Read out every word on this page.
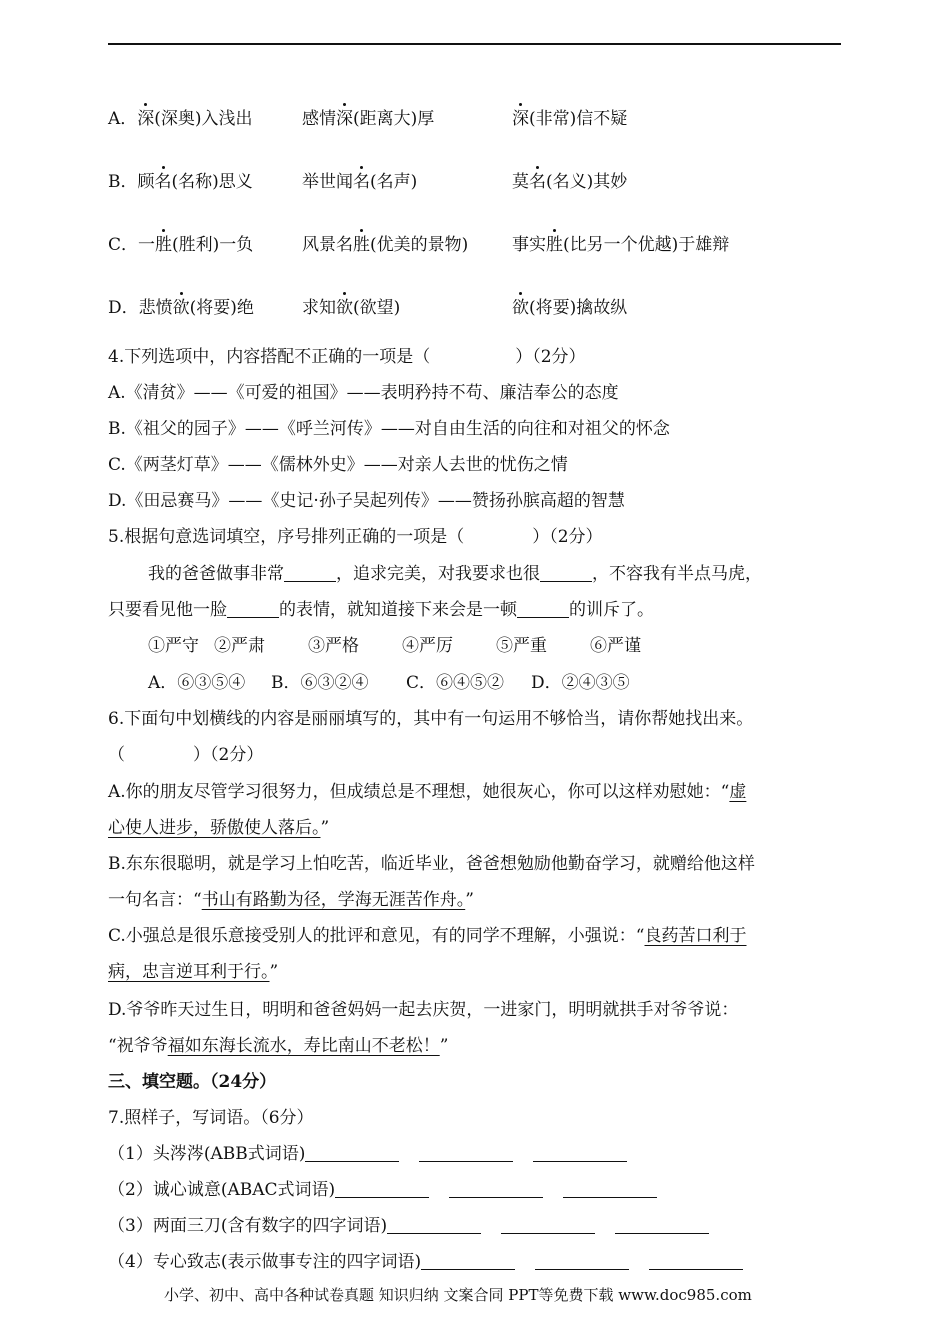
A．深(深奥)入浅出	感情深(距离大)厚	深(非常)信不疑
B．顾名(名称)思义	举世闻名(名声)	莫名(名义)其妙
C．一胜(胜利)一负	风景名胜(优美的景物)	事实胜(比另一个优越)于雄辩
D．悲愤欲(将要)绝	求知欲(欲望)	欲(将要)擒故纵
4.下列选项中，内容搭配不正确的一项是（　　　　　）（2分）
A.《清贫》——《可爱的祖国》——表明矜持不苟、廉洁奉公的态度
B.《祖父的园子》——《呼兰河传》——对自由生活的向往和对祖父的怀念
C.《两茎灯草》——《儒林外史》——对亲人去世的忧伤之情
D.《田忌赛马》——《史记·孙子吴起列传》——赞扬孙膑高超的智慧
5.根据句意选词填空，序号排列正确的一项是（　　　　）（2分）
我的爸爸做事非常	，追求完美，对我要求也很	，不容我有半点马虎，
只要看见他一脸	的表情，就知道接下来会是一顿	的训斥了。
①严守 ②严肃	③严格	④严厉	⑤严重	⑥严谨
A．⑥③⑤④ B．⑥③②④ C．⑥④⑤② D．②④③⑤
6.下面句中划横线的内容是丽丽填写的，其中有一句运用不够恰当，请你帮她找出来。
（　　　　）（2分）
A.你的朋友尽管学习很努力，但成绩总是不理想，她很灰心，你可以这样劝慰她：“虚
心使人进步，骄傲使人落后。”
B.东东很聪明，就是学习上怕吃苦，临近毕业，爸爸想勉励他勤奋学习，就赠给他这样
一句名言：“书山有路勤为径，学海无涯苦作舟。”
C.小强总是很乐意接受别人的批评和意见，有的同学不理解，小强说：“良药苦口利于
病，忠言逆耳利于行。”
D.爷爷昨天过生日，明明和爸爸妈妈一起去庆贺，一进家门，明明就拱手对爷爷说：
“祝爷爷福如东海长流水，寿比南山不老松！”
三、填空题。（24分）
7.照样子，写词语。（6分）
（1）头涔涔(ABB式词语)
（2）诚心诚意(ABAC式词语)
（3）两面三刀(含有数字的四字词语)
（4）专心致志(表示做事专注的四字词语)
小学、初中、高中各种试卷真题 知识归纳 文案合同 PPT等免费下载 www.doc985.com
